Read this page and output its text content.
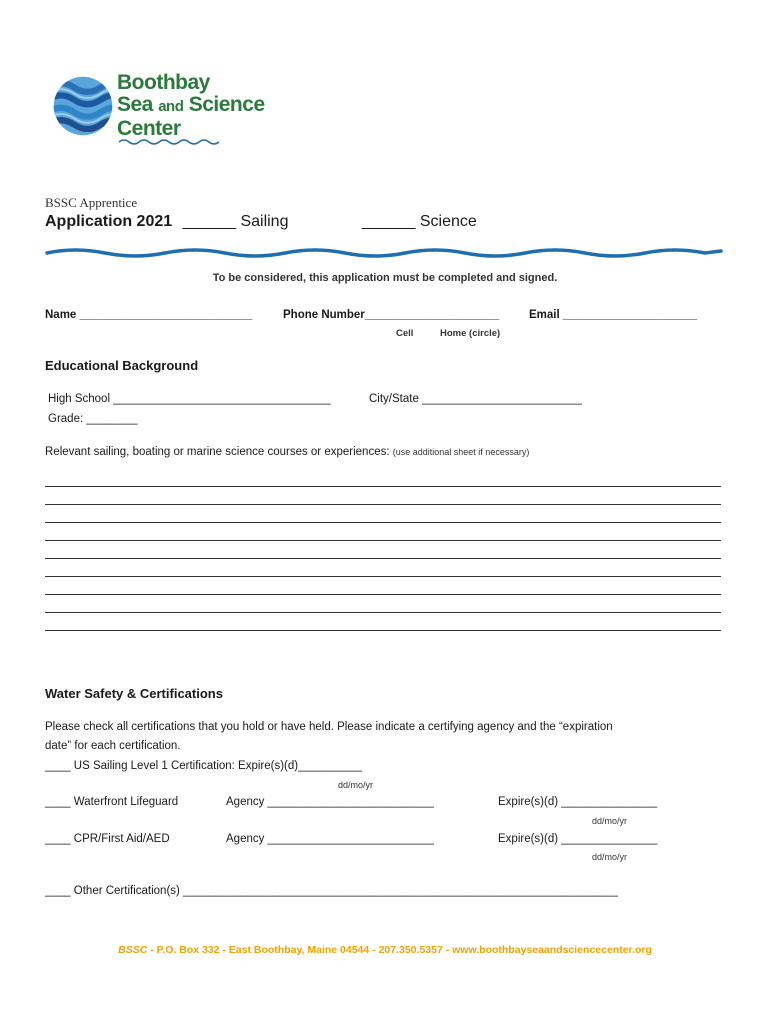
Boothbay
Sea and Science
Center
BSSC Apprentice
Application 2021 ______ Sailing	______ Science
To be considered, this application must be completed and signed.
Name ___________________________	Phone Number_____________________	Email _____________________
Cell	Home (circle)
Educational Background
High School __________________________________	City/State _________________________
Grade: ________
Relevant sailing, boating or marine science courses or experiences: (use additional sheet if necessary)
Water Safety & Certifications
Please check all certifications that you hold or have held. Please indicate a certifying agency and the “expiration
date” for each certification.
____ US Sailing Level 1 Certification: Expire(s)(d)__________
dd/mo/yr
____ Waterfront Lifeguard	Agency __________________________	Expire(s)(d) _______________
dd/mo/yr
____ CPR/First Aid/AED	Agency __________________________	Expire(s)(d) _______________
dd/mo/yr
____ Other Certification(s) ____________________________________________________________________
BSSC - P.O. Box 332 - East Boothbay, Maine 04544 - 207.350.5357 - www.boothbayseaandsciencecenter.org
